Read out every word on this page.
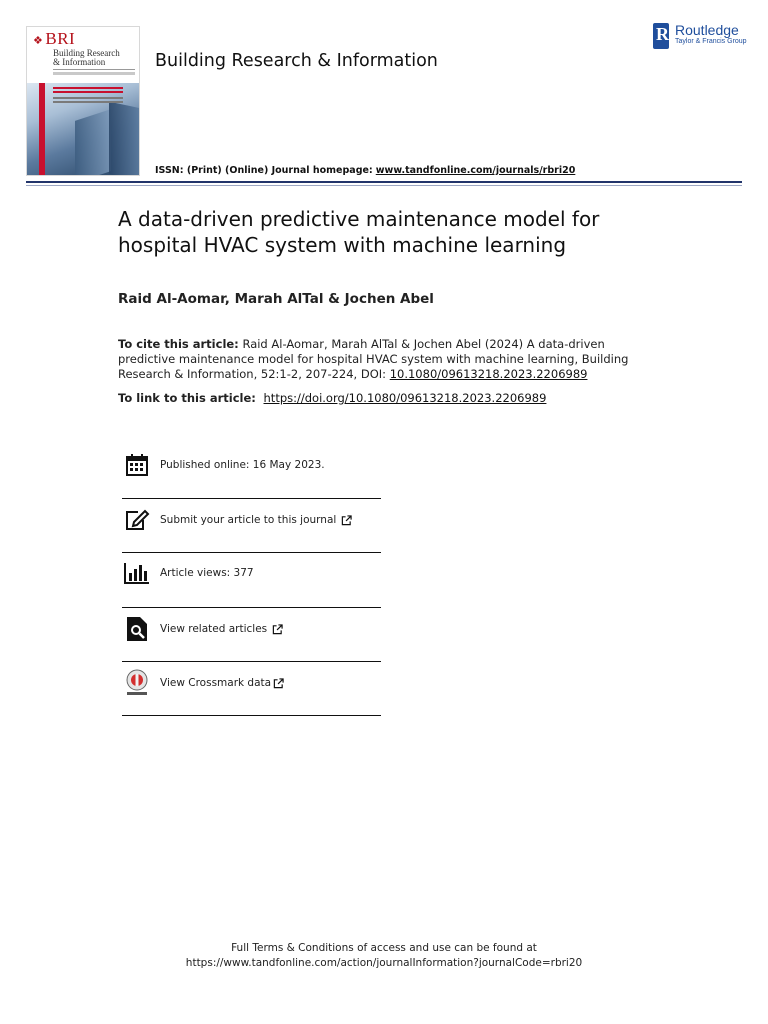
❖ BRI
Building Research
& Information	Building Research & Information
ISSN: (Print) (Online) Journal homepage: www.tandfonline.com/journals/rbri20
R Routledge
Taylor & Francis Group
A data-driven predictive maintenance model for hospital HVAC system with machine learning
Raid Al-Aomar, Marah AlTal & Jochen Abel
To cite this article: Raid Al-Aomar, Marah AlTal & Jochen Abel (2024) A data-driven predictive maintenance model for hospital HVAC system with machine learning, Building Research & Information, 52:1-2, 207-224, DOI: 10.1080/09613218.2023.2206989
To link to this article: https://doi.org/10.1080/09613218.2023.2206989
Published online: 16 May 2023.
Submit your article to this journal
Article views: 377
View related articles
View Crossmark data
Full Terms & Conditions of access and use can be found at
https://www.tandfonline.com/action/journalInformation?journalCode=rbri20
